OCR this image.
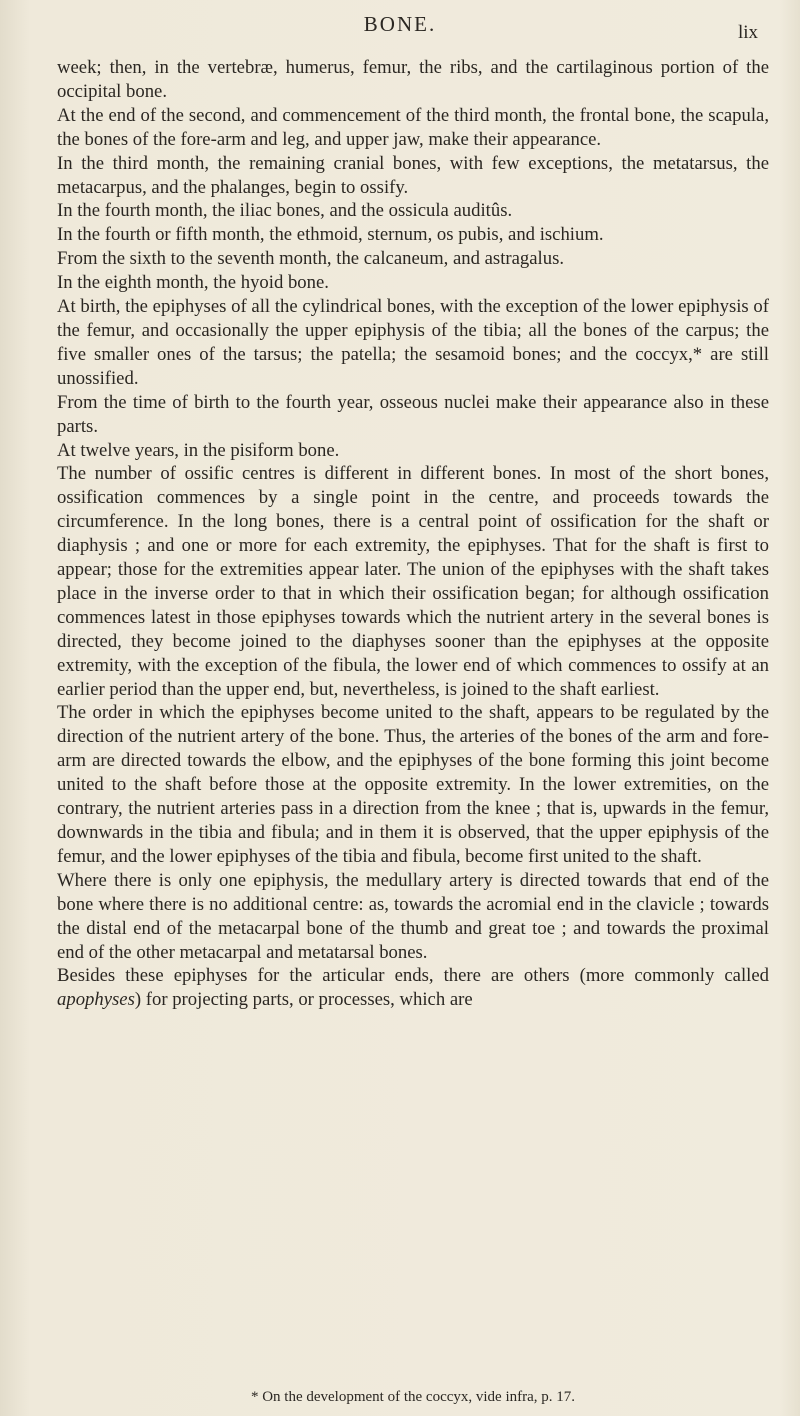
BONE.	lix

week; then, in the vertebræ, humerus, femur, the ribs, and the cartilaginous portion of the occipital bone.

At the end of the second, and commencement of the third month, the frontal bone, the scapula, the bones of the fore-arm and leg, and upper jaw, make their appearance.

In the third month, the remaining cranial bones, with few exceptions, the metatarsus, the metacarpus, and the phalanges, begin to ossify.

In the fourth month, the iliac bones, and the ossicula auditûs.

In the fourth or fifth month, the ethmoid, sternum, os pubis, and ischium.

From the sixth to the seventh month, the calcaneum, and astragalus.

In the eighth month, the hyoid bone.

At birth, the epiphyses of all the cylindrical bones, with the exception of the lower epiphysis of the femur, and occasionally the upper epiphysis of the tibia; all the bones of the carpus; the five smaller ones of the tarsus; the patella; the sesamoid bones; and the coccyx,* are still unossified.

From the time of birth to the fourth year, osseous nuclei make their appearance also in these parts.

At twelve years, in the pisiform bone.

The number of ossific centres is different in different bones. In most of the short bones, ossification commences by a single point in the centre, and proceeds towards the circumference. In the long bones, there is a central point of ossification for the shaft or diaphysis ; and one or more for each extremity, the epiphyses. That for the shaft is first to appear; those for the extremities appear later. The union of the epiphyses with the shaft takes place in the inverse order to that in which their ossification began; for although ossification commences latest in those epiphyses towards which the nutrient artery in the several bones is directed, they become joined to the diaphyses sooner than the epiphyses at the opposite extremity, with the exception of the fibula, the lower end of which commences to ossify at an earlier period than the upper end, but, nevertheless, is joined to the shaft earliest.

The order in which the epiphyses become united to the shaft, appears to be regulated by the direction of the nutrient artery of the bone. Thus, the arteries of the bones of the arm and fore-arm are directed towards the elbow, and the epiphyses of the bone forming this joint become united to the shaft before those at the opposite extremity. In the lower extremities, on the contrary, the nutrient arteries pass in a direction from the knee ; that is, upwards in the femur, downwards in the tibia and fibula; and in them it is observed, that the upper epiphysis of the femur, and the lower epiphyses of the tibia and fibula, become first united to the shaft.

Where there is only one epiphysis, the medullary artery is directed towards that end of the bone where there is no additional centre: as, towards the acromial end in the clavicle ; towards the distal end of the metacarpal bone of the thumb and great toe ; and towards the proximal end of the other metacarpal and metatarsal bones.

Besides these epiphyses for the articular ends, there are others (more commonly called apophyses) for projecting parts, or processes, which are

* On the development of the coccyx, vide infra, p. 17.
